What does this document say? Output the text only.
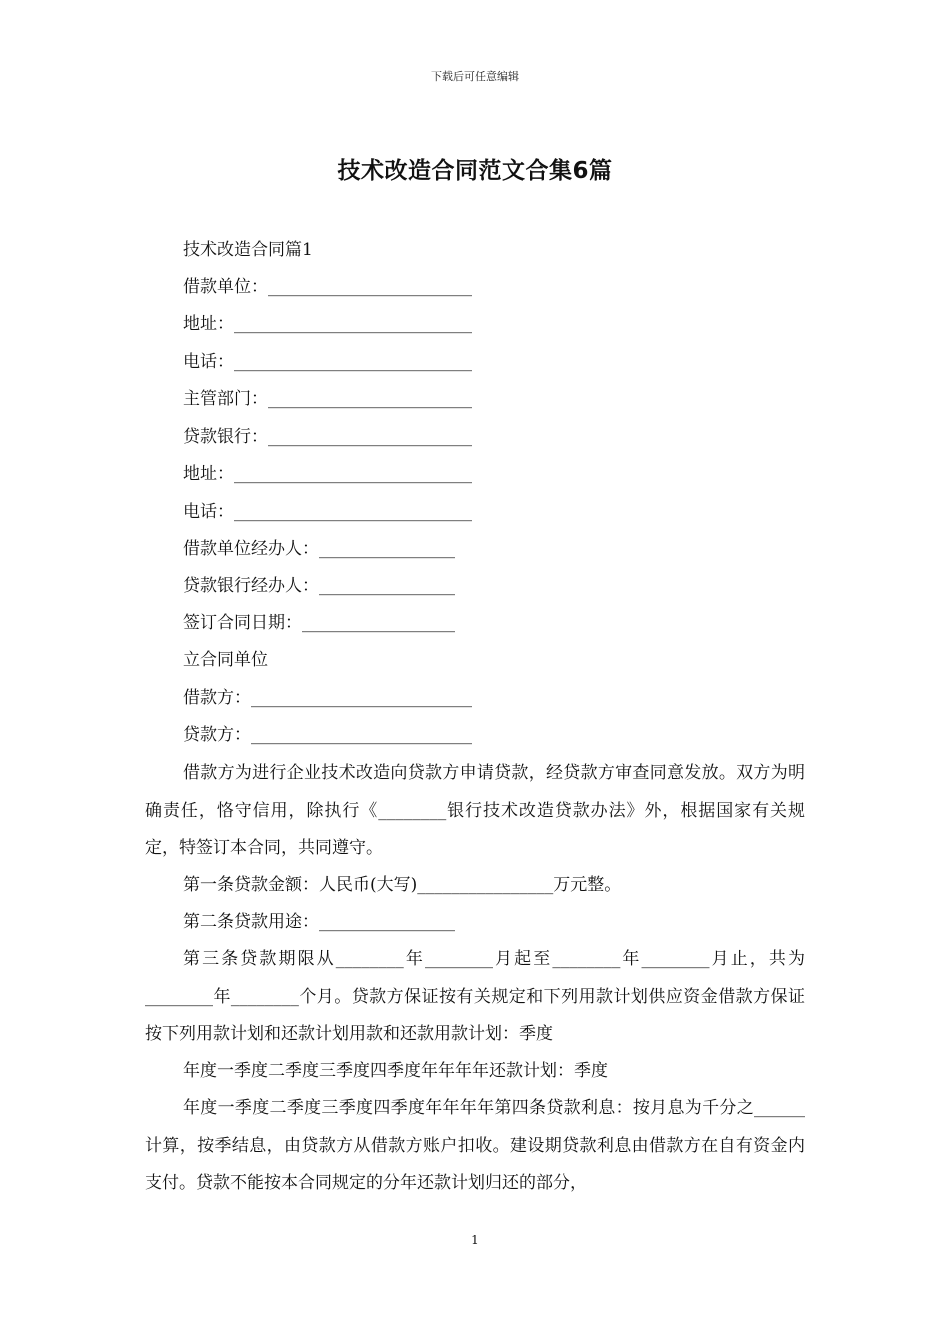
下载后可任意编辑
技术改造合同范文合集6篇
技术改造合同篇1
借款单位：________________________
地址：____________________________
电话：____________________________
主管部门：________________________
贷款银行：________________________
地址：____________________________
电话：____________________________
借款单位经办人：________________
贷款银行经办人：________________
签订合同日期：__________________
立合同单位
借款方：__________________________
贷款方：__________________________
借款方为进行企业技术改造向贷款方申请贷款，经贷款方审查同意发放。双方为明确责任，恪守信用，除执行《________银行技术改造贷款办法》外，根据国家有关规定，特签订本合同，共同遵守。
第一条贷款金额：人民币(大写)________________万元整。
第二条贷款用途：________________
第三条贷款期限从________年________月起至________年________月止，共为________年________个月。贷款方保证按有关规定和下列用款计划供应资金借款方保证按下列用款计划和还款计划用款和还款用款计划：季度
年度一季度二季度三季度四季度年年年年还款计划：季度
年度一季度二季度三季度四季度年年年年第四条贷款利息：按月息为千分之______计算，按季结息，由贷款方从借款方账户扣收。建设期贷款利息由借款方在自有资金内支付。贷款不能按本合同规定的分年还款计划归还的部分，
1
